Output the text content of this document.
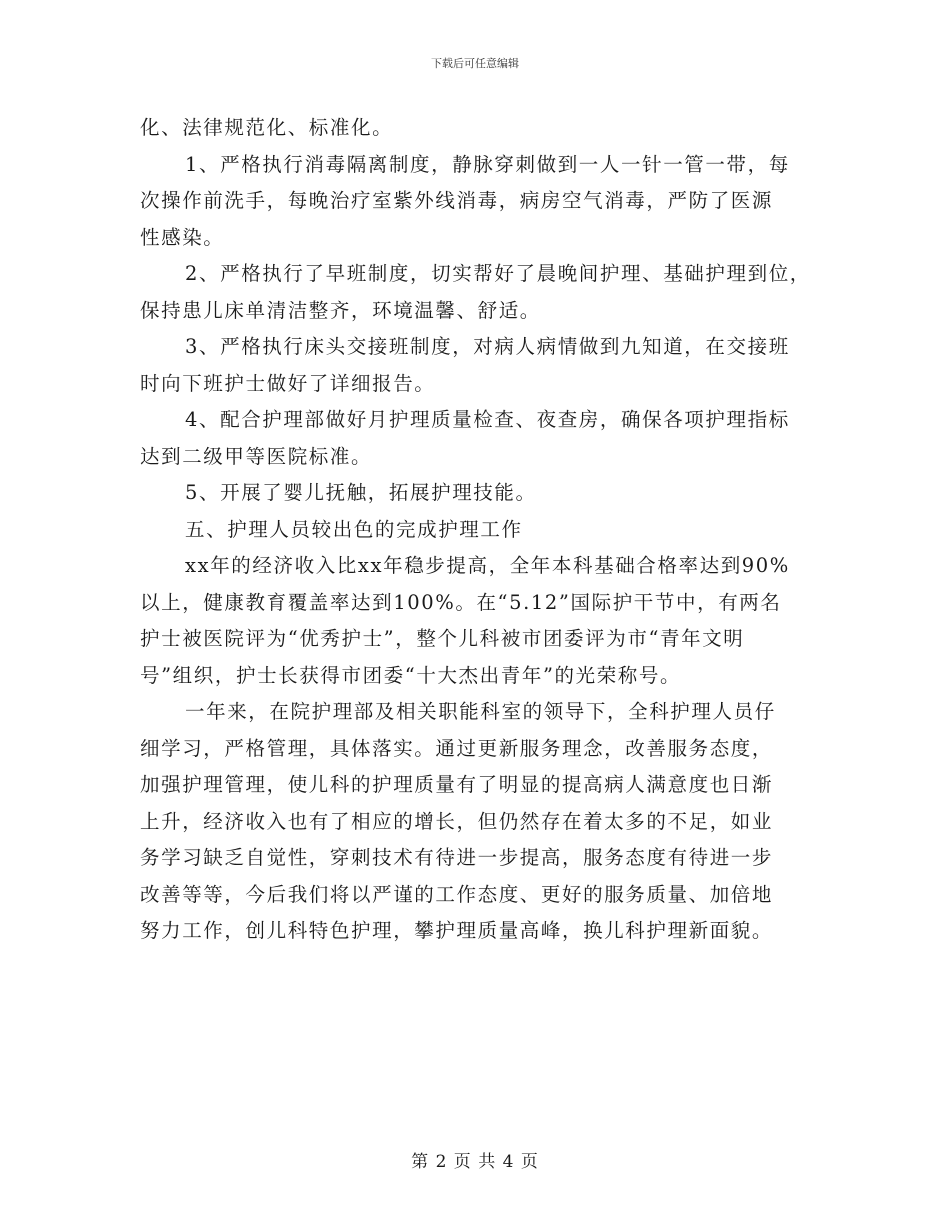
下载后可任意编辑
化、法律规范化、标准化。
1、严格执行消毒隔离制度，静脉穿刺做到一人一针一管一带，每
次操作前洗手，每晚治疗室紫外线消毒，病房空气消毒，严防了医源
性感染。
2、严格执行了早班制度，切实帮好了晨晚间护理、基础护理到位，
保持患儿床单清洁整齐，环境温馨、舒适。
3、严格执行床头交接班制度，对病人病情做到九知道，在交接班
时向下班护士做好了详细报告。
4、配合护理部做好月护理质量检查、夜查房，确保各项护理指标
达到二级甲等医院标准。
5、开展了婴儿抚触，拓展护理技能。
五、护理人员较出色的完成护理工作
xx年的经济收入比xx年稳步提高，全年本科基础合格率达到90%
以上，健康教育覆盖率达到100%。在“5.12”国际护干节中，有两名
护士被医院评为“优秀护士”，整个儿科被市团委评为市“青年文明
号”组织，护士长获得市团委“十大杰出青年”的光荣称号。
一年来，在院护理部及相关职能科室的领导下，全科护理人员仔
细学习，严格管理，具体落实。通过更新服务理念，改善服务态度，
加强护理管理，使儿科的护理质量有了明显的提高病人满意度也日渐
上升，经济收入也有了相应的增长，但仍然存在着太多的不足，如业
务学习缺乏自觉性，穿刺技术有待进一步提高，服务态度有待进一步
改善等等，今后我们将以严谨的工作态度、更好的服务质量、加倍地
努力工作，创儿科特色护理，攀护理质量高峰，换儿科护理新面貌。
第 2 页 共 4 页
